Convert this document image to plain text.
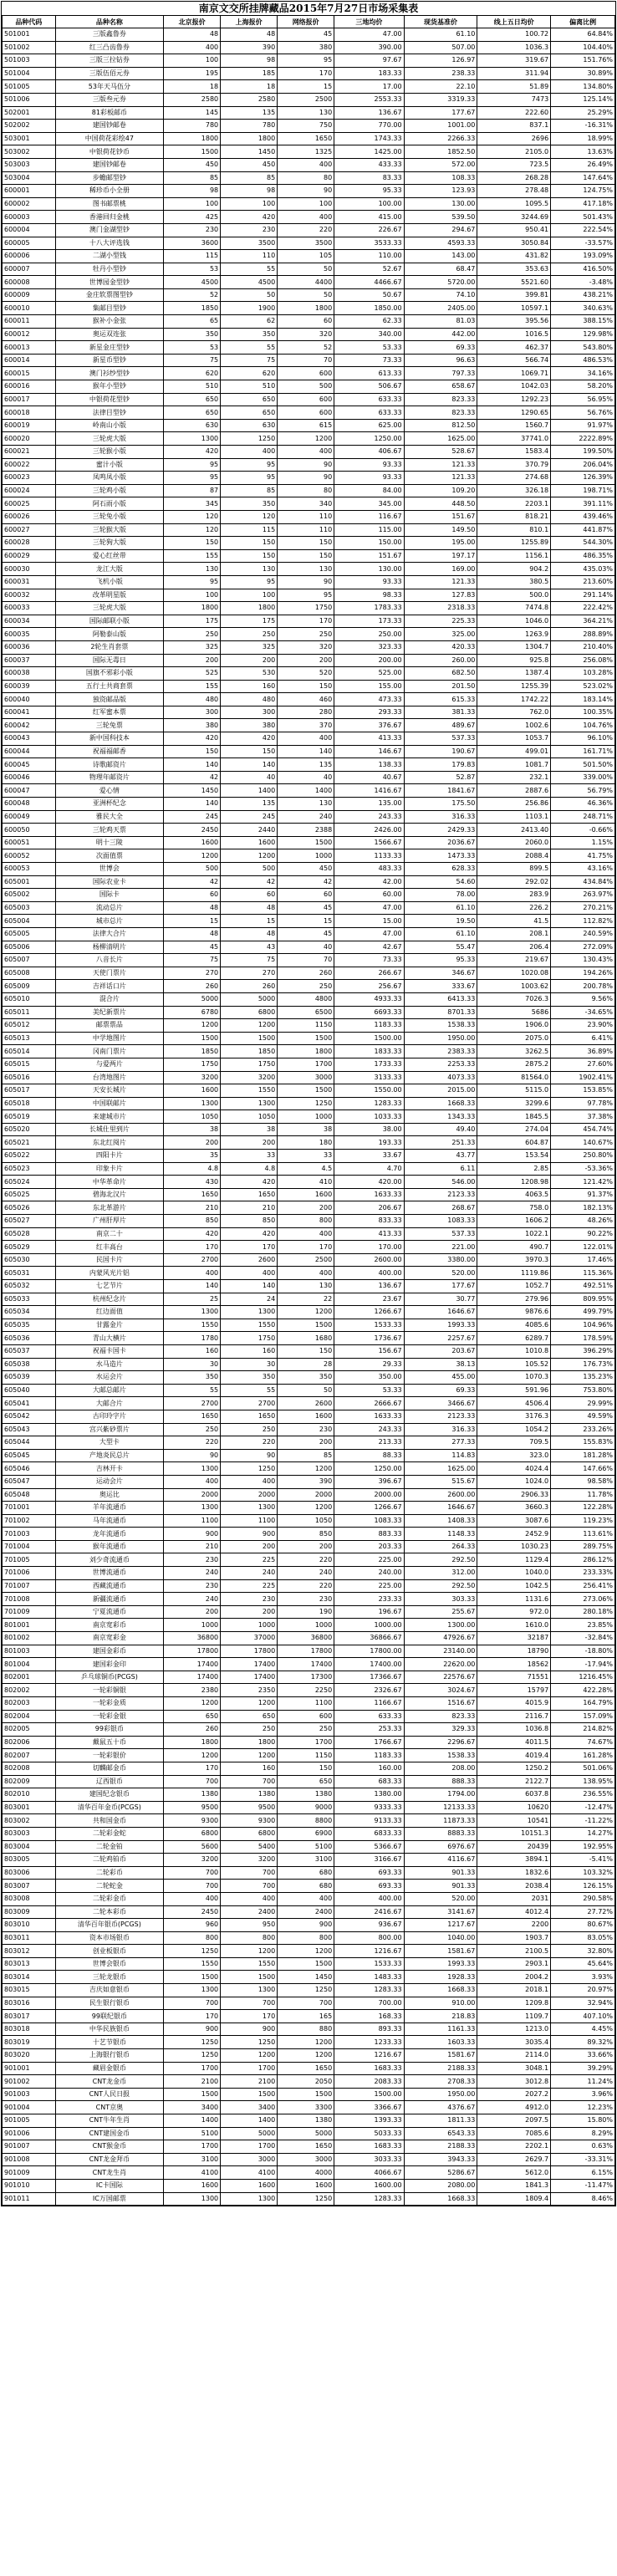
南京文交所挂牌藏品2015年7月27日市场采集表
品种代码	品种名称	北京报价	上海报价	网络报价	三地均价	现货基准价	线上五日均价	偏离比例
501001	三版鑫鲁券	48	48	45	47.00	61.10	100.72	64.84%
501002	红三凸齿鲁券	400	390	380	390.00	507.00	1036.3	104.40%
501003	三版三拉钻券	100	98	95	97.67	126.97	319.67	151.76%
501004	三版伍佰元券	195	185	170	183.33	238.33	311.94	30.89%
501005	53年天马伍分	18	18	15	17.00	22.10	51.89	134.80%
501006	三版叁元券	2580	2580	2500	2553.33	3319.33	7473	125.14%
502001	81彩板邮币	145	135	130	136.67	177.67	222.60	25.29%
502002	建国钞邮卷	780	780	750	770.00	1001.00	837.1	-16.31%
503001	中国荷花彩绘47	1800	1800	1650	1743.33	2266.33	2696	18.99%
503002	中银荷花钞币	1500	1450	1325	1425.00	1852.50	2105.0	13.63%
503003	建国钞邮卷	450	450	400	433.33	572.00	723.5	26.49%
503004	步蟾邮型钞	85	85	80	83.33	108.33	268.28	147.64%
600001	稀珍币小全册	98	98	90	95.33	123.93	278.48	124.75%
600002	图书邮票桃	100	100	100	100.00	130.00	1095.5	417.18%
600003	香港回归金桃	425	420	400	415.00	539.50	3244.69	501.43%
600004	澳门金湖型钞	230	230	220	226.67	294.67	950.41	222.54%
600005	十八大评选钱	3600	3500	3500	3533.33	4593.33	3050.84	-33.57%
600006	二湖小型钱	115	110	105	110.00	143.00	431.82	193.09%
600007	牡丹小型钞	53	55	50	52.67	68.47	353.63	416.50%
600008	世博园金型钞	4500	4500	4400	4466.67	5720.00	5521.60	-3.48%
600009	金庄软票图型钞	52	50	50	50.67	74.10	399.81	438.21%
600010	集邮目型钞	1850	1900	1800	1850.00	2405.00	10597.1	340.63%
600011	猴补小金张	65	62	60	62.33	81.03	395.56	388.15%
600012	奥运双连张	350	350	320	340.00	442.00	1016.5	129.98%
600013	新星金庄型钞	53	55	52	53.33	69.33	462.37	543.80%
600014	新星币型钞	75	75	70	73.33	96.63	566.74	486.53%
600015	澳门衫纱型钞	620	620	600	613.33	797.33	1069.71	34.16%
600016	猴年小型钞	510	510	500	506.67	658.67	1042.03	58.20%
600017	中银荷花型钞	650	650	600	633.33	823.33	1292.23	56.95%
600018	法律目型钞	650	650	600	633.33	823.33	1290.65	56.76%
600019	岭南山小版	630	630	615	625.00	812.50	1560.7	91.97%
600020	三轮虎大版	1300	1250	1200	1250.00	1625.00	37741.0	2222.89%
600021	三轮猴小版	420	400	400	406.67	528.67	1583.4	199.50%
600022	蜜汁小版	95	95	90	93.33	121.33	370.79	206.04%
600023	凤鸣凤小版	95	95	90	93.33	121.33	274.68	126.39%
600024	三轮鸡小版	87	85	80	84.00	109.20	326.18	198.71%
600025	阿石雨小版	345	350	340	345.00	448.50	2203.1	391.11%
600026	三轮兔小版	120	120	110	116.67	151.67	818.21	439.46%
600027	三轮猴大版	120	115	110	115.00	149.50	810.1	441.87%
600028	三轮狗大版	150	150	150	150.00	195.00	1255.89	544.30%
600029	爱心红丝带	155	150	150	151.67	197.17	1156.1	486.35%
600030	龙江大版	130	130	130	130.00	169.00	904.2	435.03%
600031	飞机小版	95	95	90	93.33	121.33	380.5	213.60%
600032	改革明星版	100	100	95	98.33	127.83	500.0	291.14%
600033	三轮虎大版	1800	1800	1750	1783.33	2318.33	7474.8	222.42%
600034	国际邮联小版	175	175	170	173.33	225.33	1046.0	364.21%
600035	阿勒泰山版	250	250	250	250.00	325.00	1263.9	288.89%
600036	2轮生肖套票	325	325	320	323.33	420.33	1304.7	210.40%
600037	国际无毒日	200	200	200	200.00	260.00	925.8	256.08%
600038	国旗不邪彩小版	525	530	520	525.00	682.50	1387.4	103.28%
600039	五行土共商套票	155	160	150	155.00	201.50	1255.39	523.02%
600040	独资邮品版	480	480	460	473.33	615.33	1742.22	183.14%
600041	红军蜜本票	300	300	280	293.33	381.33	762.0	100.35%
600042	三轮兔票	380	380	370	376.67	489.67	1002.6	104.76%
600043	新中国科技本	420	420	400	413.33	537.33	1053.7	96.10%
600044	祝福福邮香	150	150	140	146.67	190.67	499.01	161.71%
600045	诗歌邮资片	140	140	135	138.33	179.83	1081.7	501.50%
600046	物理年邮资片	42	40	40	40.67	52.87	232.1	339.00%
600047	爱心情	1450	1400	1400	1416.67	1841.67	2887.6	56.79%
600048	亚洲杯纪念	140	135	130	135.00	175.50	256.86	46.36%
600049	雅民大全	245	245	240	243.33	316.33	1103.1	248.71%
600050	三轮鸡天票	2450	2440	2388	2426.00	2429.33	2413.40	-0.66%
600051	明十三陵	1600	1600	1500	1566.67	2036.67	2060.0	1.15%
600052	次面值票	1200	1200	1000	1133.33	1473.33	2088.4	41.75%
600053	世博会	500	500	450	483.33	628.33	899.5	43.16%
605001	国际农业卡	42	42	42	42.00	54.60	292.02	434.84%
605002	国际卡	60	60	60	60.00	78.00	283.9	263.97%
605003	流动总片	48	48	45	47.00	61.10	226.2	270.21%
605004	城市总片	15	15	15	15.00	19.50	41.5	112.82%
605005	法律大合片	48	48	45	47.00	61.10	208.1	240.59%
605006	杨柳清明片	45	43	40	42.67	55.47	206.4	272.09%
605007	八音长片	75	75	70	73.33	95.33	219.67	130.43%
605008	天使门票片	270	270	260	266.67	346.67	1020.08	194.26%
605009	吉祥话口片	260	260	250	256.67	333.67	1003.62	200.78%
605010	混合片	5000	5000	4800	4933.33	6413.33	7026.3	9.56%
605011	美纪新票片	6780	6800	6500	6693.33	8701.33	5686	-34.65%
605012	邮票票品	1200	1200	1150	1183.33	1538.33	1906.0	23.90%
605013	中学地图片	1500	1500	1500	1500.00	1950.00	2075.0	6.41%
605014	冈南门票片	1850	1850	1800	1833.33	2383.33	3262.5	36.89%
605015	与爱两片	1750	1750	1700	1733.33	2253.33	2875.2	27.60%
605016	台湾地图片	3200	3200	3000	3133.33	4073.33	81564.0	1902.41%
605017	天安长城片	1600	1550	1500	1550.00	2015.00	5115.0	153.85%
605018	中国联邮片	1300	1300	1250	1283.33	1668.33	3299.6	97.78%
605019	来建城市片	1050	1050	1000	1033.33	1343.33	1845.5	37.38%
605020	长城仕里到片	38	38	38	38.00	49.40	274.04	454.74%
605021	东北红阅片	200	200	180	193.33	251.33	604.87	140.67%
605022	四阳卡片	35	33	33	33.67	43.77	153.54	250.80%
605023	印象卡片	4.8	4.8	4.5	4.70	6.11	2.85	-53.36%
605024	中华革命片	430	420	410	420.00	546.00	1208.98	121.42%
605025	碧海北汉片	1650	1650	1600	1633.33	2123.33	4063.5	91.37%
605026	东北革游片	210	210	200	206.67	268.67	758.0	182.13%
605027	广州肝厚片	850	850	800	833.33	1083.33	1606.2	48.26%
605028	南京二十	420	420	400	413.33	537.33	1022.1	90.22%
605029	红丰高台	170	170	170	170.00	221.00	490.7	122.01%
605030	民国卡片	2700	2600	2500	2600.00	3380.00	3970.3	17.46%
605031	内蒙风光片铝	400	400	400	400.00	520.00	1119.86	115.36%
605032	七艺节片	140	140	130	136.67	177.67	1052.7	492.51%
605033	杭州纪念片	25	24	22	23.67	30.77	279.96	809.95%
605034	红边面值	1300	1300	1200	1266.67	1646.67	9876.6	499.79%
605035	甘露金片	1550	1550	1500	1533.33	1993.33	4085.6	104.96%
605036	青山大横片	1780	1750	1680	1736.67	2257.67	6289.7	178.59%
605037	祝福卡国卡	160	160	150	156.67	203.67	1010.8	396.29%
605038	水马造片	30	30	28	29.33	38.13	105.52	176.73%
605039	水运会片	350	350	350	350.00	455.00	1070.3	135.23%
605040	大邮总邮片	55	55	50	53.33	69.33	591.96	753.80%
605041	大邮合片	2700	2700	2600	2666.67	3466.67	4506.4	29.99%
605042	古印玲字片	1650	1650	1600	1633.33	2123.33	3176.3	49.59%
605043	宫兴紫砂票片	250	250	230	243.33	316.33	1054.2	233.26%
605044	大型卡	220	220	200	213.33	277.33	709.5	155.83%
605045	产地炎民总片	90	90	85	88.33	114.83	323.0	181.28%
605046	吉林开卡	1300	1250	1200	1250.00	1625.00	4024.4	147.66%
605047	运动会片	400	400	390	396.67	515.67	1024.0	98.58%
605048	奥运比	2000	2000	2000	2000.00	2600.00	2906.33	11.78%
701001	羊年流通币	1300	1300	1200	1266.67	1646.67	3660.3	122.28%
701002	马年流通币	1100	1100	1050	1083.33	1408.33	3087.6	119.23%
701003	龙年流通币	900	900	850	883.33	1148.33	2452.9	113.61%
701004	猴年流通币	210	200	200	203.33	264.33	1030.23	289.75%
701005	刘少奇流通币	230	225	220	225.00	292.50	1129.4	286.12%
701006	世博流通币	240	240	240	240.00	312.00	1040.0	233.33%
701007	西藏流通币	230	225	220	225.00	292.50	1042.5	256.41%
701008	新疆流通币	240	230	230	233.33	303.33	1131.6	273.06%
701009	宁夏流通币	200	200	190	196.67	255.67	972.0	280.18%
801001	南京宽彩币	1000	1000	1000	1000.00	1300.00	1610.0	23.85%
801002	南京宽彩金	36800	37000	36800	36866.67	47926.67	32187	-32.84%
801003	建国金彩币	17800	17800	17800	17800.00	23140.00	18790	-18.80%
801004	建国彩金印	17400	17400	17400	17400.00	22620.00	18562	-17.94%
802001	乒乓球铜币(PCGS)	17400	17400	17300	17366.67	22576.67	71551	1216.45%
802002	一轮彩铜银	2380	2350	2250	2326.67	3024.67	15797	422.28%
802003	一轮彩金质	1200	1200	1100	1166.67	1516.67	4015.9	164.79%
802004	一轮彩金银	650	650	600	633.33	823.33	2116.7	157.09%
802005	99彩银币	260	250	250	253.33	329.33	1036.8	214.82%
802006	戴鼠五十币	1800	1800	1700	1766.67	2296.67	4011.5	74.67%
802007	一轮彩银价	1200	1200	1150	1183.33	1538.33	4019.4	161.28%
802008	切麟邮金币	170	160	150	160.00	208.00	1250.2	501.06%
802009	辽西银币	700	700	650	683.33	888.33	2122.7	138.95%
802010	建国纪念银币	1380	1380	1380	1380.00	1794.00	6037.8	236.55%
803001	清华百年金币(PCGS)	9500	9500	9000	9333.33	12133.33	10620	-12.47%
803002	共和国金币	9300	9300	8800	9133.33	11873.33	10541	-11.22%
803003	二轮彩金蛇	6800	6800	6900	6833.33	8883.33	10151.3	14.27%
803004	二轮金铂	5600	5400	5100	5366.67	6976.67	20439	192.95%
803005	二轮鸡铂币	3200	3200	3100	3166.67	4116.67	3894.1	-5.41%
803006	二轮彩币	700	700	680	693.33	901.33	1832.6	103.32%
803007	二轮蛇金	700	700	680	693.33	901.33	2038.4	126.15%
803008	二轮彩金币	400	400	400	400.00	520.00	2031	290.58%
803009	二轮本彩币	2450	2400	2400	2416.67	3141.67	4012.4	27.72%
803010	清华百年银币(PCGS)	960	950	900	936.67	1217.67	2200	80.67%
803011	资本市场银币	800	800	800	800.00	1040.00	1903.7	83.05%
803012	创业板银币	1250	1200	1200	1216.67	1581.67	2100.5	32.80%
803013	世博会银币	1550	1550	1500	1533.33	1993.33	2903.1	45.64%
803014	三轮龙银币	1500	1500	1450	1483.33	1928.33	2004.2	3.93%
803015	吉庆如意银币	1300	1300	1250	1283.33	1668.33	2018.1	20.97%
803016	民生银行银币	700	700	700	700.00	910.00	1209.8	32.94%
803017	99联纪银币	170	170	165	168.33	218.83	1109.7	407.10%
803018	中华民族银币	900	900	880	893.33	1161.33	1213.0	4.45%
803019	十艺节银币	1250	1250	1200	1233.33	1603.33	3035.4	89.32%
803020	上海银行银币	1250	1200	1200	1216.67	1581.67	2114.0	33.66%
901001	藏眉金银币	1700	1700	1650	1683.33	2188.33	3048.1	39.29%
901002	CNT龙金币	2100	2100	2050	2083.33	2708.33	3012.8	11.24%
901003	CNT人民日报	1500	1500	1500	1500.00	1950.00	2027.2	3.96%
901004	CNT京奥	3400	3400	3300	3366.67	4376.67	4912.0	12.23%
901005	CNT牛年生肖	1400	1400	1380	1393.33	1811.33	2097.5	15.80%
901006	CNT建国金币	5100	5000	5000	5033.33	6543.33	7085.6	8.29%
901007	CNT猴金币	1700	1700	1650	1683.33	2188.33	2202.1	0.63%
901008	CNT龙金拜币	3100	3000	3000	3033.33	3943.33	2629.7	-33.31%
901009	CNT龙生肖	4100	4100	4000	4066.67	5286.67	5612.0	6.15%
901010	IC卡国际	1600	1600	1600	1600.00	2080.00	1841.3	-11.47%
901011	IC万国邮票	1300	1300	1250	1283.33	1668.33	1809.4	8.46%
